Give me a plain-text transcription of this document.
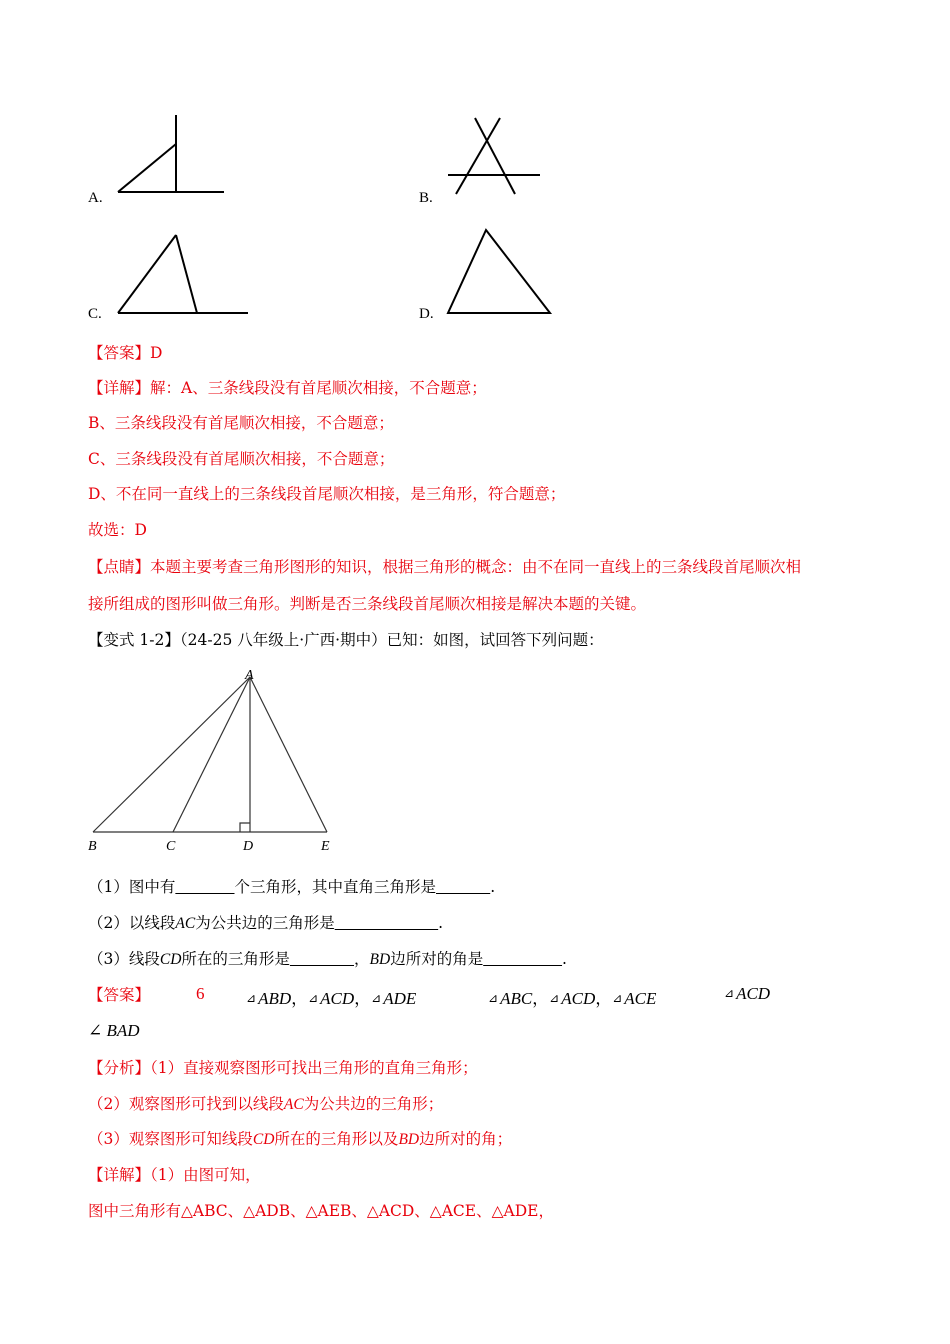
A.	B.
C.	D.
【答案】D
【详解】解：A、三条线段没有首尾顺次相接，不合题意；
B、三条线段没有首尾顺次相接，不合题意；
C、三条线段没有首尾顺次相接，不合题意；
D、不在同一直线上的三条线段首尾顺次相接，是三角形，符合题意；
故选：D
【点睛】本题主要考查三角形图形的知识，根据三角形的概念：由不在同一直线上的三条线段首尾顺次相
接所组成的图形叫做三角形。判断是否三条线段首尾顺次相接是解决本题的关键。
【变式 1-2】（24-25 八年级上·广西·期中）已知：如图，试回答下列问题：
A
B	C	D	E
（1）图中有	个三角形，其中直角三角形是	.
（2）以线段AC为公共边的三角形是	.
（3）线段CD所在的三角形是	，BD边所对的角是	.
【答案】	6	⊿ ABD，⊿ ACD，⊿ ADE	⊿ ABC，⊿ ACD，⊿ ACE	⊿ ACD
∠ BAD
【分析】（1）直接观察图形可找出三角形的直角三角形；
（2）观察图形可找到以线段AC为公共边的三角形；
（3）观察图形可知线段CD所在的三角形以及BD边所对的角；
【详解】（1）由图可知，
图中三角形有△ABC、△ADB、△AEB、△ACD、△ACE、△ADE，
